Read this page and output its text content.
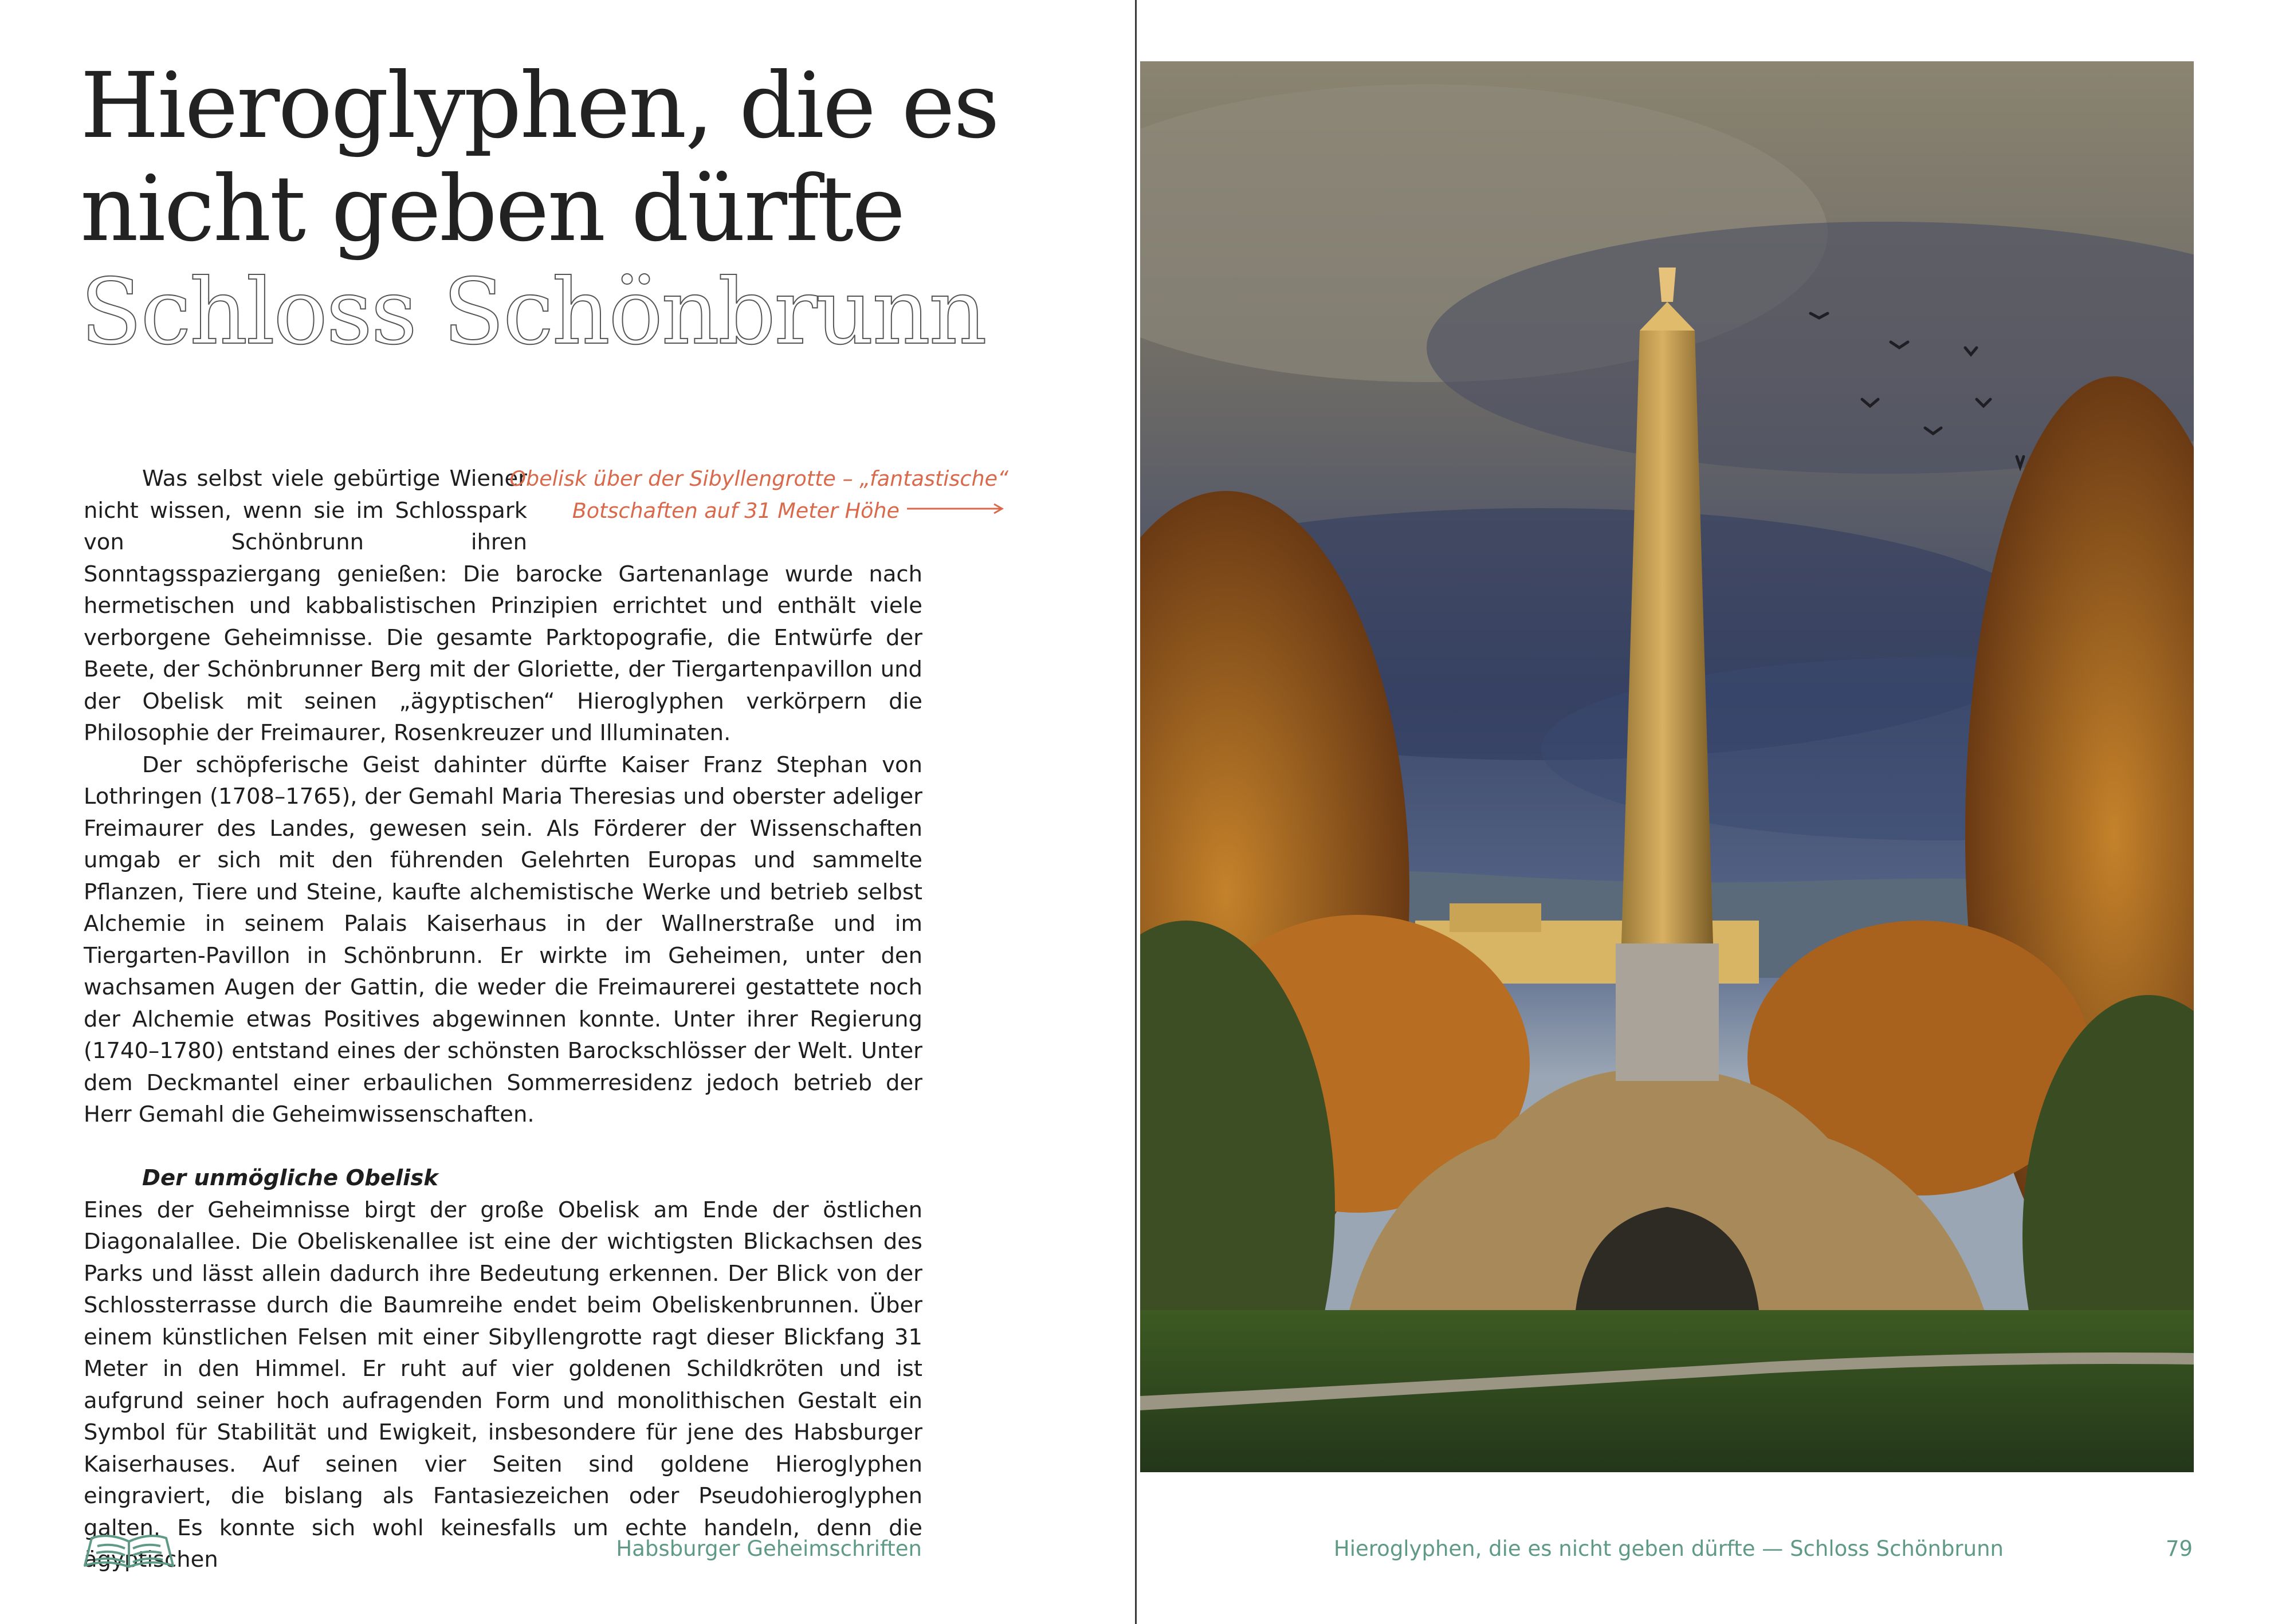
Hieroglyphen, die es
nicht geben dürfte
Schloss Schönbrunn

Was selbst viele gebürtige Wiener nicht wissen, wenn sie im Schlosspark von Schönbrunn ihren Sonntagsspaziergang genießen: Die barocke Gartenanlage wurde nach hermetischen und kabbalistischen Prinzipien errichtet und enthält viele verborgene Geheimnisse. Die gesamte Parktopografie, die Entwürfe der Beete, der Schönbrunner Berg mit der Gloriette, der Tiergartenpavillon und der Obelisk mit seinen „ägyptischen“ Hieroglyphen verkörpern die Philosophie der Freimaurer, Rosenkreuzer und Illuminaten.

Der schöpferische Geist dahinter dürfte Kaiser Franz Stephan von Lothringen (1708–1765), der Gemahl Maria Theresias und oberster adeliger Freimaurer des Landes, gewesen sein. Als Förderer der Wissenschaften umgab er sich mit den führenden Gelehrten Europas und sammelte Pflanzen, Tiere und Steine, kaufte alchemistische Werke und betrieb selbst Alchemie in seinem Palais Kaiserhaus in der Wallnerstraße und im Tiergarten-Pavillon in Schönbrunn. Er wirkte im Geheimen, unter den wachsamen Augen der Gattin, die weder die Freimaurerei gestattete noch der Alchemie etwas Positives abgewinnen konnte. Unter ihrer Regierung (1740–1780) entstand eines der schönsten Barockschlösser der Welt. Unter dem Deckmantel einer erbaulichen Sommerresidenz jedoch betrieb der Herr Gemahl die Geheimwissenschaften.

Der unmögliche Obelisk

Eines der Geheimnisse birgt der große Obelisk am Ende der östlichen Diagonalallee. Die Obeliskenallee ist eine der wichtigsten Blickachsen des Parks und lässt allein dadurch ihre Bedeutung erkennen. Der Blick von der Schlossterrasse durch die Baumreihe endet beim Obeliskenbrunnen. Über einem künstlichen Felsen mit einer Sibyllengrotte ragt dieser Blickfang 31 Meter in den Himmel. Er ruht auf vier goldenen Schildkröten und ist aufgrund seiner hoch aufragenden Form und monolithischen Gestalt ein Symbol für Stabilität und Ewigkeit, insbesondere für jene des Habsburger Kaiserhauses. Auf seinen vier Seiten sind goldene Hieroglyphen eingraviert, die bislang als Fantasiezeichen oder Pseudohieroglyphen galten. Es konnte sich wohl keinesfalls um echte handeln, denn die ägyptischen

Obelisk über der Sibyllengrotte – „fantastische“
Botschaften auf 31 Meter Höhe
Habsburger Geheimschriften	Hieroglyphen, die es nicht geben dürfte — Schloss Schönbrunn	79
